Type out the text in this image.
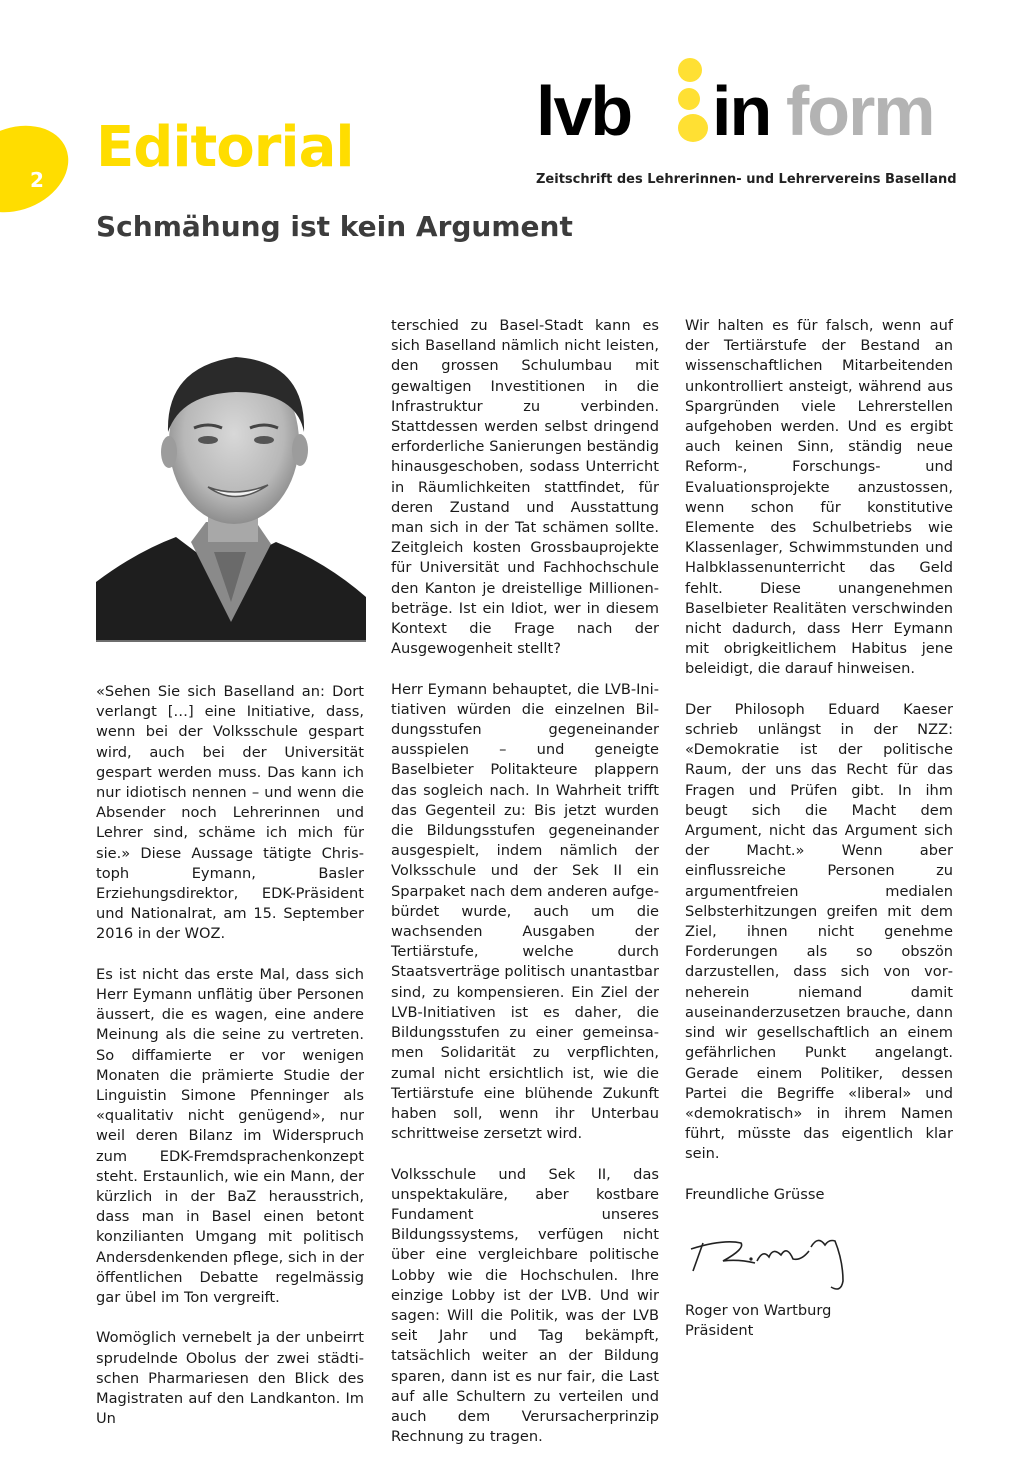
2 Editorial
Schmähung ist kein Argument
lvb in form
Zeitschrift des Lehrerinnen- und Lehrervereins Baselland

«Sehen Sie sich Baselland an: Dort verlangt […] eine Initiative, dass, wenn bei der Volksschule gespart wird, auch bei der Universität gespart werden muss. Das kann ich nur idiotisch nennen – und wenn die Absender noch Lehrerinnen und Lehrer sind, schäme ich mich für sie.» Diese Aussage tätigte Christoph Eymann, Basler Erziehungsdirektor, EDK-Präsident und Nationalrat, am 15. September 2016 in der WOZ.

Es ist nicht das erste Mal, dass sich Herr Eymann unflätig über Personen äussert, die es wagen, eine andere Meinung als die seine zu vertreten. So diffamierte er vor wenigen Monaten die prämierte Studie der Linguistin Simone Pfenninger als «qualitativ nicht genügend», nur weil deren Bilanz im Widerspruch zum EDK-Fremdsprachenkonzept steht. Erstaunlich, wie ein Mann, der kürzlich in der BaZ herausstrich, dass man in Basel einen betont konzilianten Umgang mit politisch Andersdenkenden pflege, sich in der öffentlichen Debatte regelmässig gar übel im Ton vergreift.

Womöglich vernebelt ja der unbeirrt sprudelnde Obolus der zwei städtischen Pharmariesen den Blick des Magistraten auf den Landkanton. Im Un

terschied zu Basel-Stadt kann es sich Baselland nämlich nicht leisten, den grossen Schulumbau mit gewaltigen Investitionen in die Infrastruktur zu verbinden. Stattdessen werden selbst dringend erforderliche Sanierungen beständig hinausgeschoben, sodass Unterricht in Räumlichkeiten stattfindet, für deren Zustand und Ausstattung man sich in der Tat schämen sollte. Zeitgleich kosten Grossbauprojekte für Universität und Fachhochschule den Kanton je dreistellige Millionenbeträge. Ist ein Idiot, wer in diesem Kontext die Frage nach der Ausgewogenheit stellt?

Herr Eymann behauptet, die LVB-Initiativen würden die einzelnen Bildungsstufen gegeneinander ausspielen – und geneigte Baselbieter Politakteure plappern das sogleich nach. In Wahrheit trifft das Gegenteil zu: Bis jetzt wurden die Bildungsstufen gegeneinander ausgespielt, indem nämlich der Volksschule und der Sek II ein Sparpaket nach dem anderen aufgebürdet wurde, auch um die wachsenden Ausgaben der Tertiärstufe, welche durch Staatsverträge politisch unantastbar sind, zu kompensieren. Ein Ziel der LVB-Initiativen ist es daher, die Bildungsstufen zu einer gemeinsamen Solidarität zu verpflichten, zumal nicht ersichtlich ist, wie die Tertiärstufe eine blühende Zukunft haben soll, wenn ihr Unterbau schrittweise zersetzt wird.

Volksschule und Sek II, das unspektakuläre, aber kostbare Fundament unseres Bildungssystems, verfügen nicht über eine vergleichbare politische Lobby wie die Hochschulen. Ihre einzige Lobby ist der LVB. Und wir sagen: Will die Politik, was der LVB seit Jahr und Tag bekämpft, tatsächlich weiter an der Bildung sparen, dann ist es nur fair, die Last auf alle Schultern zu verteilen und auch dem Verursacherprinzip Rechnung zu tragen.

Wir halten es für falsch, wenn auf der Tertiärstufe der Bestand an wissenschaftlichen Mitarbeitenden unkontrolliert ansteigt, während aus Spargründen viele Lehrerstellen aufgehoben werden. Und es ergibt auch keinen Sinn, ständig neue Reform-, Forschungs- und Evaluationsprojekte anzustossen, wenn schon für konstitutive Elemente des Schulbetriebs wie Klassenlager, Schwimmstunden und Halbklassenunterricht das Geld fehlt. Diese unangenehmen Baselbieter Realitäten verschwinden nicht dadurch, dass Herr Eymann mit obrigkeitlichem Habitus jene beleidigt, die darauf hinweisen.

Der Philosoph Eduard Kaeser schrieb unlängst in der NZZ: «Demokratie ist der politische Raum, der uns das Recht für das Fragen und Prüfen gibt. In ihm beugt sich die Macht dem Argument, nicht das Argument sich der Macht.» Wenn aber einflussreiche Personen zu argumentfreien medialen Selbsterhitzungen greifen mit dem Ziel, ihnen nicht genehme Forderungen als so obszön darzustellen, dass sich von vorneherein niemand damit auseinanderzusetzen brauche, dann sind wir gesellschaftlich an einem gefährlichen Punkt angelangt. Gerade einem Politiker, dessen Partei die Begriffe «liberal» und «demokratisch» in ihrem Namen führt, müsste das eigentlich klar sein.

Freundliche Grüsse

Roger von Wartburg

Präsident
